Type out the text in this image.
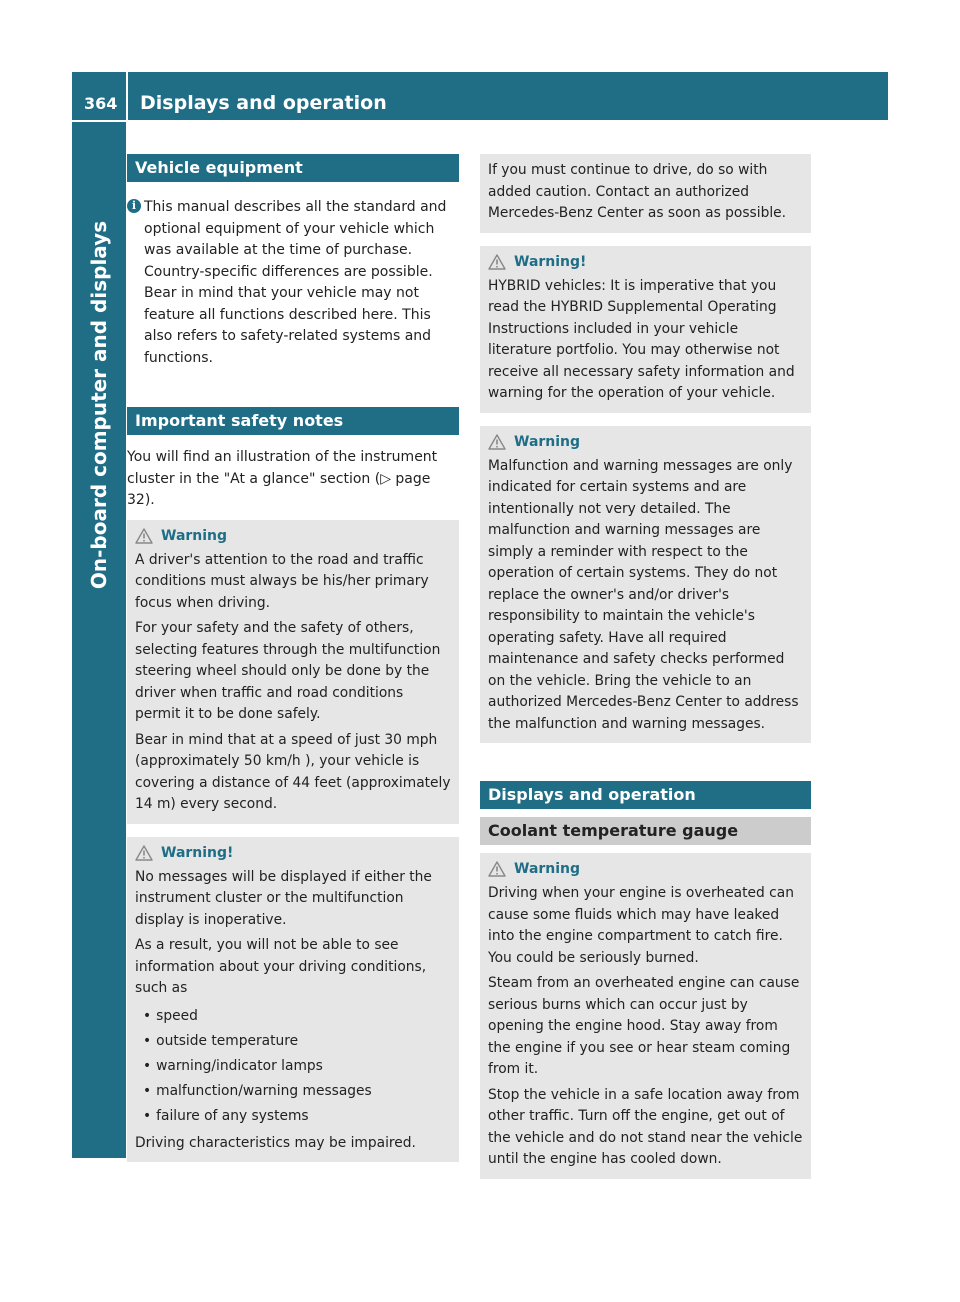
364 Displays and operation
On-board computer and displays
Vehicle equipment
i This manual describes all the standard and optional equipment of your vehicle which was available at the time of purchase. Country-specific differences are possible. Bear in mind that your vehicle may not feature all functions described here. This also refers to safety-related systems and functions.
Important safety notes

You will find an illustration of the instrument cluster in the "At a glance" section (▷ page 32).

Warning

A driver's attention to the road and traffic conditions must always be his/her primary focus when driving.

For your safety and the safety of others, selecting features through the multifunction steering wheel should only be done by the driver when traffic and road conditions permit it to be done safely.

Bear in mind that at a speed of just 30 mph (approximately 50 km/h ), your vehicle is covering a distance of 44 feet (approximately 14 m) every second.

Warning!

No messages will be displayed if either the instrument cluster or the multifunction display is inoperative.

As a result, you will not be able to see information about your driving conditions, such as

• speed
• outside temperature
• warning/indicator lamps
• malfunction/warning messages
• failure of any systems

Driving characteristics may be impaired.

If you must continue to drive, do so with added caution. Contact an authorized Mercedes-Benz Center as soon as possible.

Warning!

HYBRID vehicles: It is imperative that you read the HYBRID Supplemental Operating Instructions included in your vehicle literature portfolio. You may otherwise not receive all necessary safety information and warning for the operation of your vehicle.

Warning

Malfunction and warning messages are only indicated for certain systems and are intentionally not very detailed. The malfunction and warning messages are simply a reminder with respect to the operation of certain systems. They do not replace the owner's and/or driver's responsibility to maintain the vehicle's operating safety. Have all required maintenance and safety checks performed on the vehicle. Bring the vehicle to an authorized Mercedes-Benz Center to address the malfunction and warning messages.

Displays and operation
Coolant temperature gauge
Warning

Driving when your engine is overheated can cause some fluids which may have leaked into the engine compartment to catch fire. You could be seriously burned.

Steam from an overheated engine can cause serious burns which can occur just by opening the engine hood. Stay away from the engine if you see or hear steam coming from it.

Stop the vehicle in a safe location away from other traffic. Turn off the engine, get out of the vehicle and do not stand near the vehicle until the engine has cooled down.
